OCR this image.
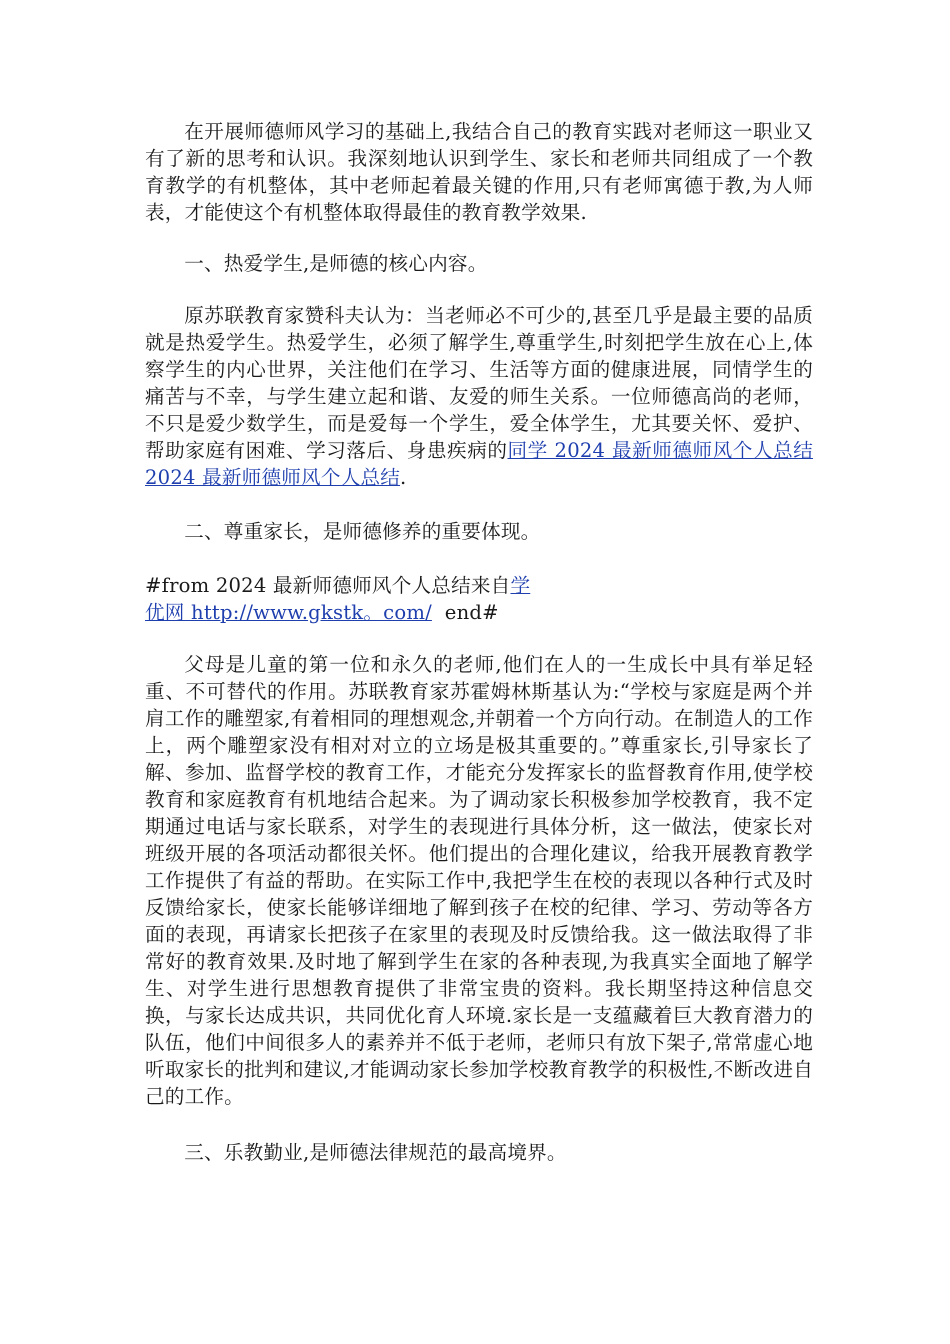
在开展师德师风学习的基础上,我结合自己的教育实践对老师这一职业又有了新的思考和认识。我深刻地认识到学生、家长和老师共同组成了一个教育教学的有机整体，其中老师起着最关键的作用,只有老师寓德于教,为人师表，才能使这个有机整体取得最佳的教育教学效果.

一、热爱学生,是师德的核心内容。

原苏联教育家赞科夫认为：当老师必不可少的,甚至几乎是最主要的品质就是热爱学生。热爱学生，必须了解学生,尊重学生,时刻把学生放在心上,体察学生的内心世界，关注他们在学习、生活等方面的健康进展，同情学生的痛苦与不幸，与学生建立起和谐、友爱的师生关系。一位师德高尚的老师，不只是爱少数学生，而是爱每一个学生，爱全体学生，尤其要关怀、爱护、帮助家庭有困难、学习落后、身患疾病的同学 2024 最新师德师风个人总结 2024 最新师德师风个人总结.

二、尊重家长，是师德修养的重要体现。

#from 2024 最新师德师风个人总结来自学优网 http://www.gkstk。com/  end#

父母是儿童的第一位和永久的老师,他们在人的一生成长中具有举足轻重、不可替代的作用。苏联教育家苏霍姆林斯基认为:“学校与家庭是两个并肩工作的雕塑家,有着相同的理想观念,并朝着一个方向行动。在制造人的工作上，两个雕塑家没有相对对立的立场是极其重要的。”尊重家长,引导家长了解、参加、监督学校的教育工作，才能充分发挥家长的监督教育作用,使学校教育和家庭教育有机地结合起来。为了调动家长积极参加学校教育，我不定期通过电话与家长联系，对学生的表现进行具体分析，这一做法，使家长对班级开展的各项活动都很关怀。他们提出的合理化建议，给我开展教育教学工作提供了有益的帮助。在实际工作中,我把学生在校的表现以各种行式及时反馈给家长，使家长能够详细地了解到孩子在校的纪律、学习、劳动等各方面的表现，再请家长把孩子在家里的表现及时反馈给我。这一做法取得了非常好的教育效果.及时地了解到学生在家的各种表现,为我真实全面地了解学生、对学生进行思想教育提供了非常宝贵的资料。我长期坚持这种信息交换，与家长达成共识，共同优化育人环境.家长是一支蕴藏着巨大教育潜力的队伍，他们中间很多人的素养并不低于老师，老师只有放下架子,常常虚心地听取家长的批判和建议,才能调动家长参加学校教育教学的积极性,不断改进自己的工作。

三、乐教勤业,是师德法律规范的最高境界。
